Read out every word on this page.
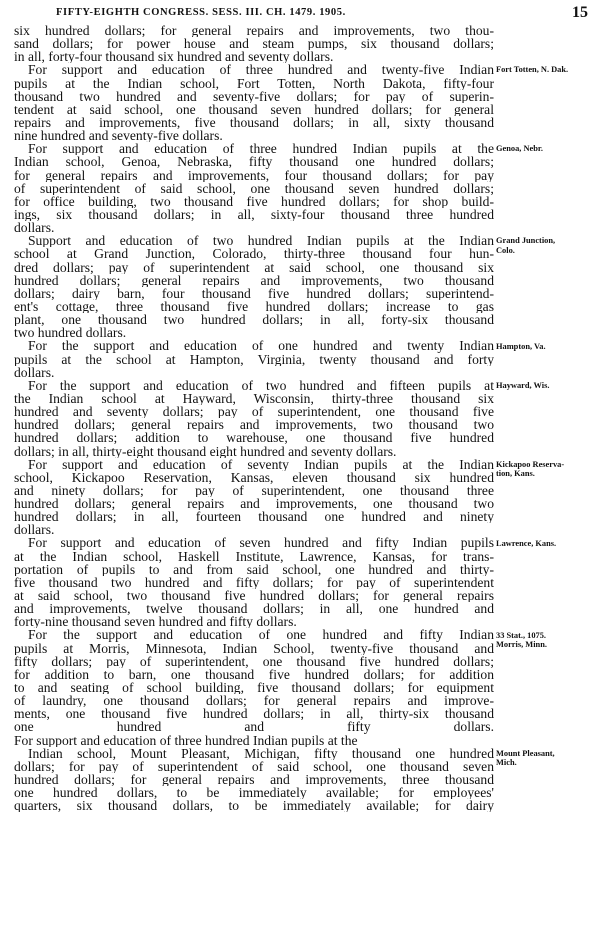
FIFTY-EIGHTH CONGRESS. SESS. III. CH. 1479. 1905.	15
six hundred dollars; for general repairs and improvements, two thou-
sand dollars; for power house and steam pumps, six thousand dollars;
in all, forty-four thousand six hundred and seventy dollars.
For support and education of three hundred and twenty-five Indian
pupils at the Indian school, Fort Totten, North Dakota, fifty-four
thousand two hundred and seventy-five dollars; for pay of superin-
tendent at said school, one thousand seven hundred dollars; for general
repairs and improvements, five thousand dollars; in all, sixty thousand
nine hundred and seventy-five dollars.
For support and education of three hundred Indian pupils at the
Indian school, Genoa, Nebraska, fifty thousand one hundred dollars;
for general repairs and improvements, four thousand dollars; for pay
of superintendent of said school, one thousand seven hundred dollars;
for office building, two thousand five hundred dollars; for shop build-
ings, six thousand dollars; in all, sixty-four thousand three hundred
dollars.
Support and education of two hundred Indian pupils at the Indian
school at Grand Junction, Colorado, thirty-three thousand four hun-
dred dollars; pay of superintendent at said school, one thousand six
hundred dollars; general repairs and improvements, two thousand
dollars; dairy barn, four thousand five hundred dollars; superintend-
ent's cottage, three thousand five hundred dollars; increase to gas
plant, one thousand two hundred dollars; in all, forty-six thousand
two hundred dollars.
For the support and education of one hundred and twenty Indian
pupils at the school at Hampton, Virginia, twenty thousand and forty
dollars.
For the support and education of two hundred and fifteen pupils at
the Indian school at Hayward, Wisconsin, thirty-three thousand six
hundred and seventy dollars; pay of superintendent, one thousand five
hundred dollars; general repairs and improvements, two thousand two
hundred dollars; addition to warehouse, one thousand five hundred
dollars; in all, thirty-eight thousand eight hundred and seventy dollars.
For support and education of seventy Indian pupils at the Indian
school, Kickapoo Reservation, Kansas, eleven thousand six hundred
and ninety dollars; for pay of superintendent, one thousand three
hundred dollars; general repairs and improvements, one thousand two
hundred dollars; in all, fourteen thousand one hundred and ninety
dollars.
For support and education of seven hundred and fifty Indian pupils
at the Indian school, Haskell Institute, Lawrence, Kansas, for trans-
portation of pupils to and from said school, one hundred and thirty-
five thousand two hundred and fifty dollars; for pay of superintendent
at said school, two thousand five hundred dollars; for general repairs
and improvements, twelve thousand dollars; in all, one hundred and
forty-nine thousand seven hundred and fifty dollars.
For the support and education of one hundred and fifty Indian
pupils at Morris, Minnesota, Indian School, twenty-five thousand and
fifty dollars; pay of superintendent, one thousand five hundred dollars;
for addition to barn, one thousand five hundred dollars; for addition
to and seating of school building, five thousand dollars; for equipment
of laundry, one thousand dollars; for general repairs and improve-
ments, one thousand five hundred dollars; in all, thirty-six thousand
one hundred and fifty dollars.
For support and education of three hundred Indian pupils at the
Indian school, Mount Pleasant, Michigan, fifty thousand one hundred
dollars; for pay of superintendent of said school, one thousand seven
hundred dollars; for general repairs and improvements, three thousand
one hundred dollars, to be immediately available; for employees'
quarters, six thousand dollars, to be immediately available; for dairy
Fort Totten, N. Dak.
Genoa, Nebr.
Grand Junction,
Colo.
Hampton, Va.
Hayward, Wis.
Kickapoo Reserva-
tion, Kans.
Lawrence, Kans.
33 Stat., 1075.
Morris, Minn.
Mount Pleasant,
Mich.
